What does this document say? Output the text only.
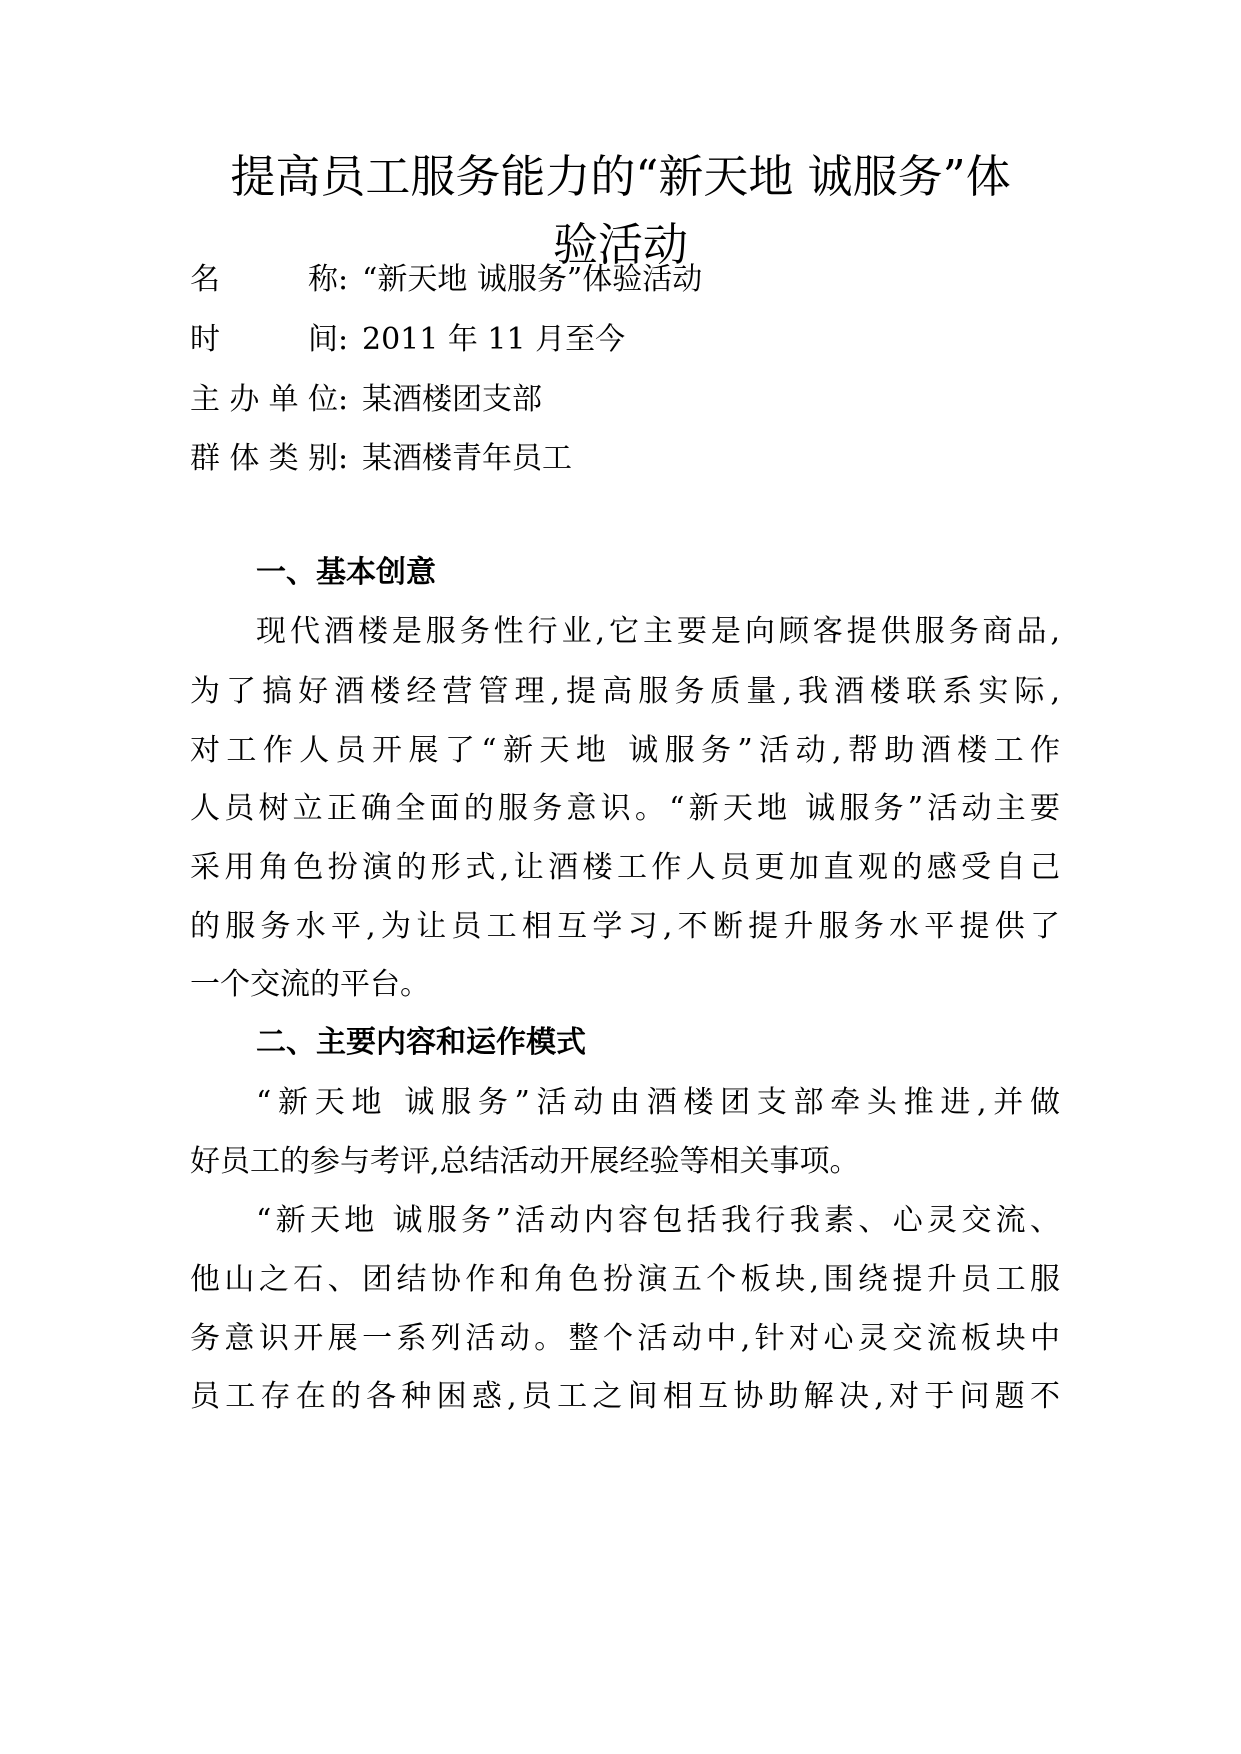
提高员工服务能力的“新天地 诚服务”体
验活动
名称 : “新天地 诚服务”体验活动
时间 : 2011 年 11 月至今
主办单位 : 某酒楼团支部
群体类别 : 某酒楼青年员工
一、基本创意
现代酒楼是服务性行业,它主要是向顾客提供服务商品,
为了搞好酒楼经营管理,提高服务质量,我酒楼联系实际,
对工作人员开展了“新天地 诚服务”活动,帮助酒楼工作
人员树立正确全面的服务意识。“新天地 诚服务”活动主要
采用角色扮演的形式,让酒楼工作人员更加直观的感受自己
的服务水平,为让员工相互学习,不断提升服务水平提供了
一个交流的平台。
二、主要内容和运作模式
“新天地 诚服务”活动由酒楼团支部牵头推进,并做
好员工的参与考评,总结活动开展经验等相关事项。
“新天地 诚服务”活动内容包括我行我素、心灵交流、
他山之石、团结协作和角色扮演五个板块,围绕提升员工服
务意识开展一系列活动。整个活动中,针对心灵交流板块中
员工存在的各种困惑,员工之间相互协助解决,对于问题不
